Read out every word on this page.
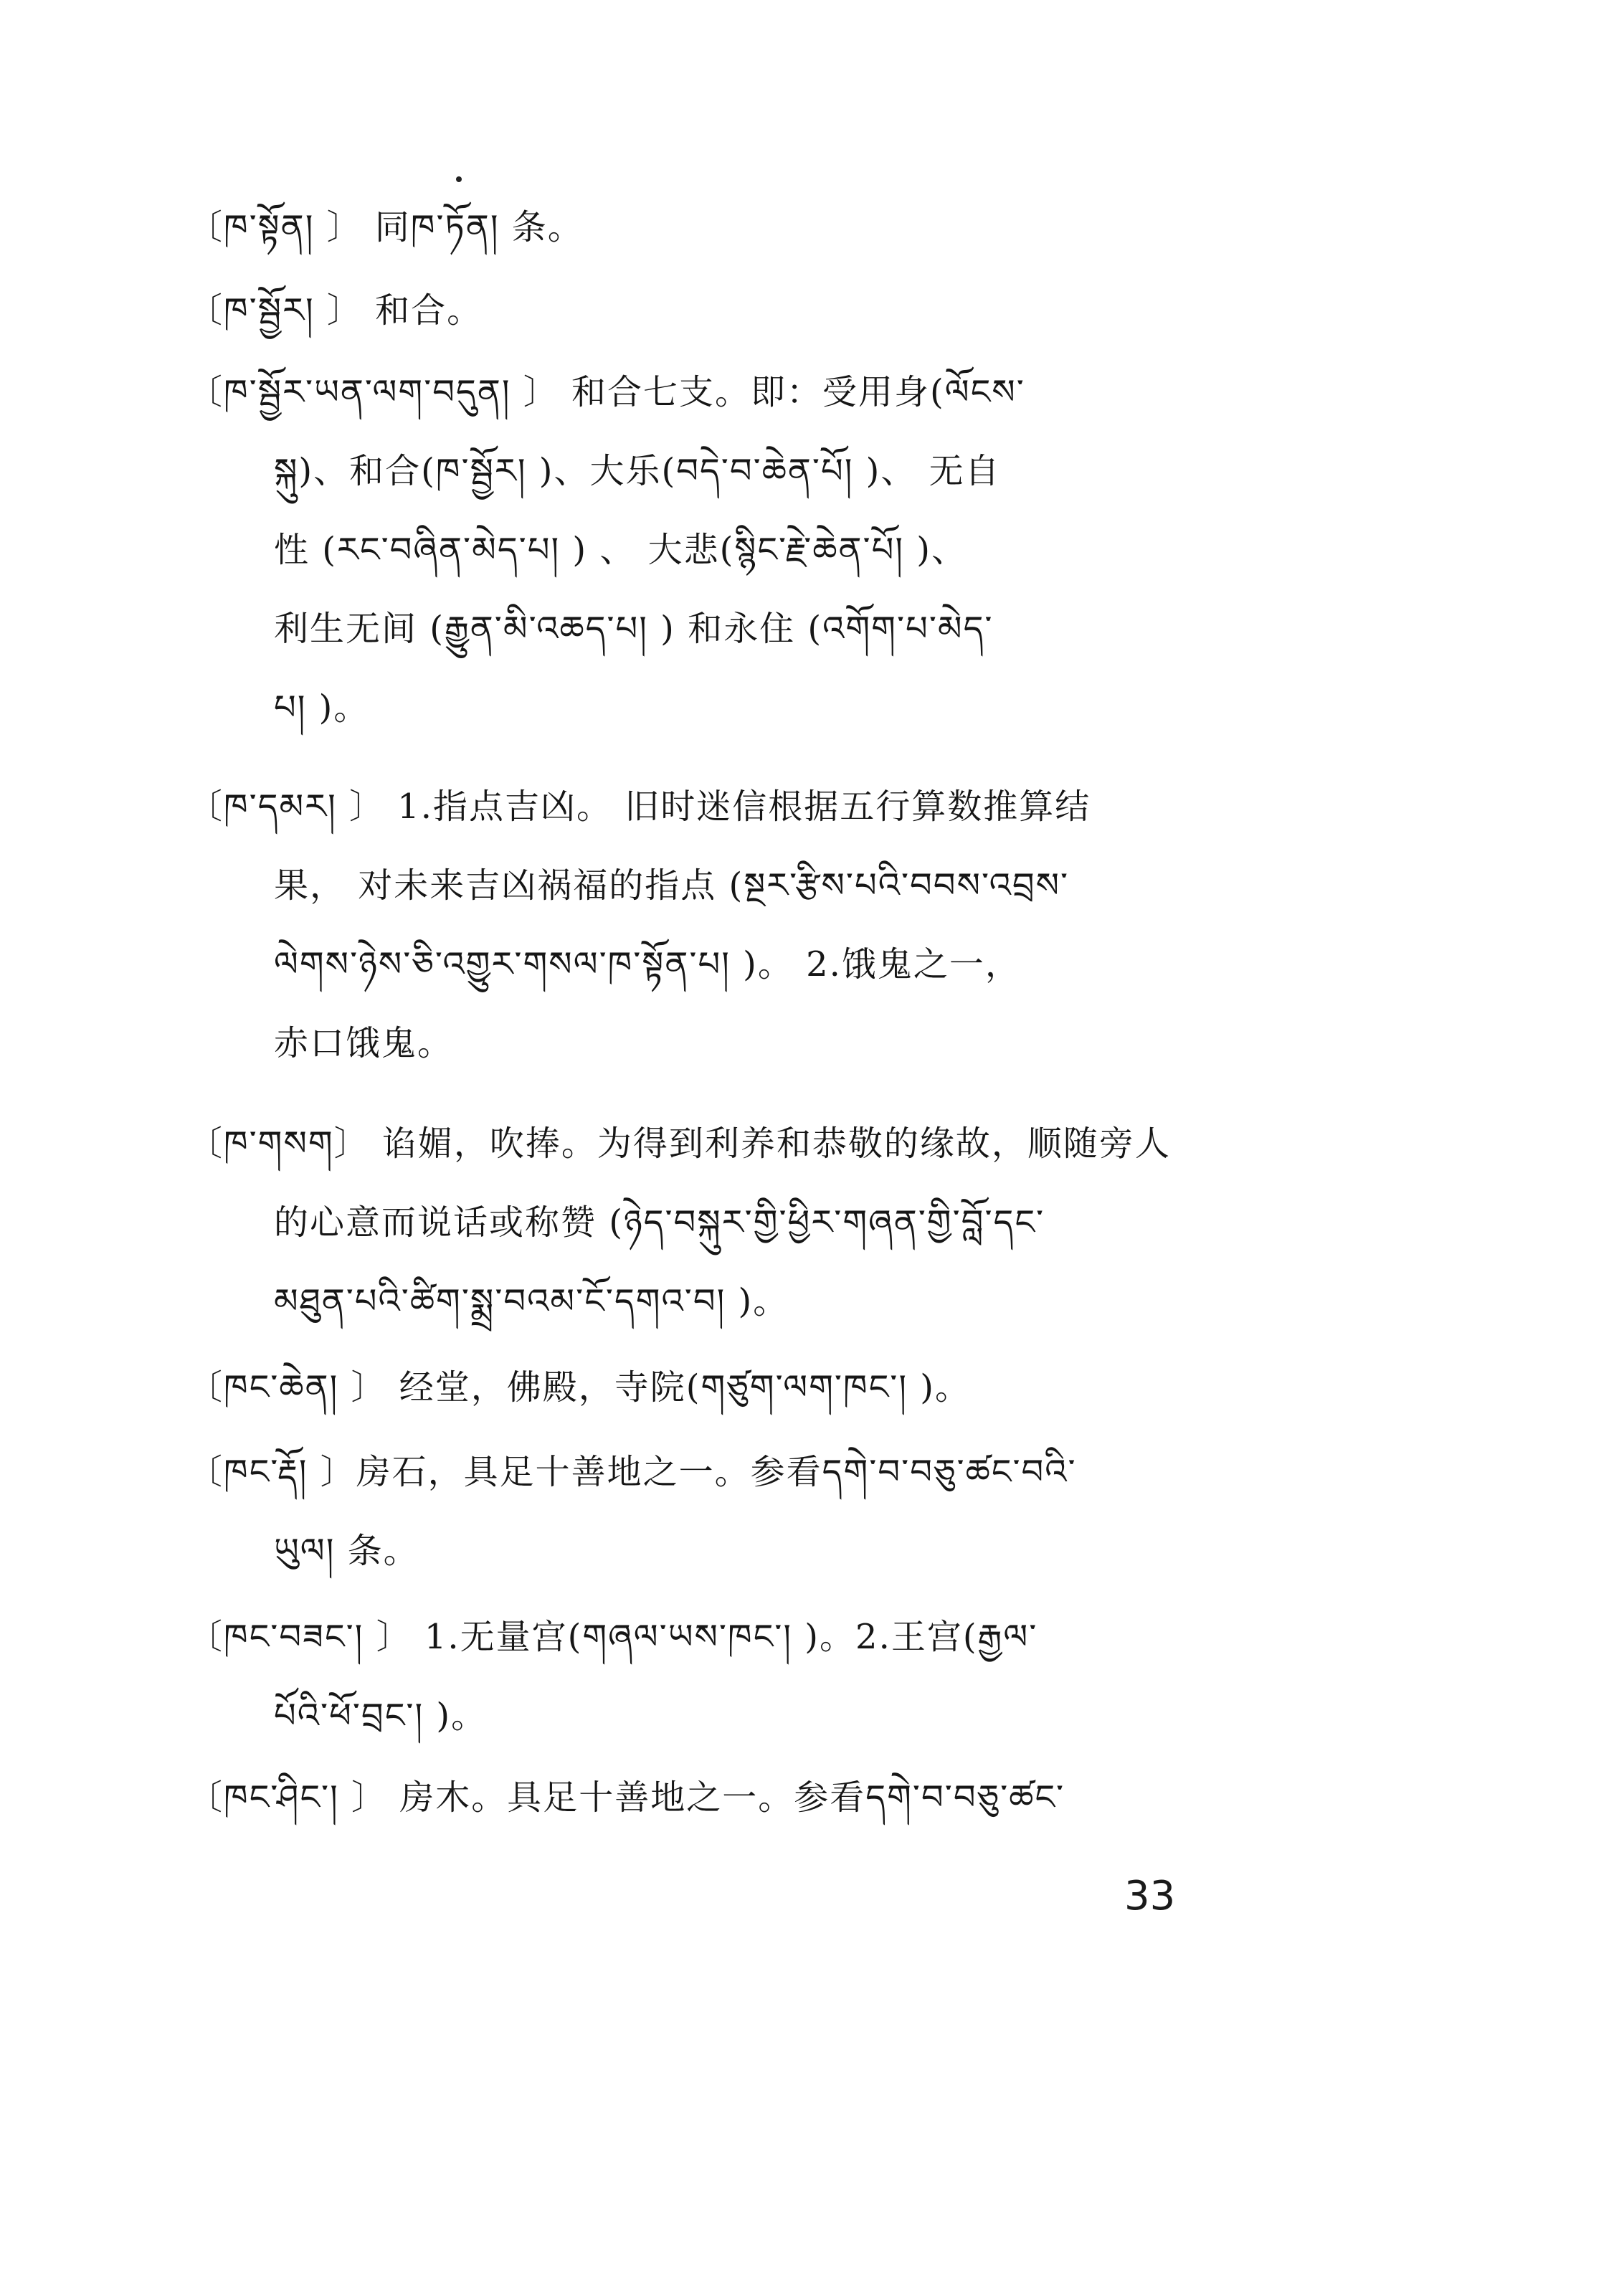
〔ཁ་སྟོན། 〕 同ཁ་ཏོན། 条。
〔ཁ་སྦྱོར། 〕 和合。
〔ཁ་སྦྱོར་ཡན་ལག་བདུན། 〕 和合七支。即：受用身(ལོངས་
སྐུ)、和合(ཁ་སྦྱོར། )、大乐(བདེ་བ་ཆེན་པོ། )、 无自
性 (རང་བཞིན་མེད་པ། ) 、 大悲(སྙིང་རྗེ་ཆེན་པོ། )、
利生无间 (རྒྱུན་མི་འཆད་པ། ) 和永住 (འགོག་པ་མེད་
པ། )。
〔ཁ་དམར། 〕 1.指点吉凶。 旧时迷信根据五行算数推算结
果， 对未来吉凶祸福的指点 (སྔར་རྩིས་པའི་བབས་འབྲས་
ལེགས་ཉེས་ཅི་འགྱུར་གསལ་ཁ་སྟོན་པ། )。 2.饿鬼之一，
赤口饿鬼。
〔ཁ་གསག〕 谄媚，吹捧。为得到利养和恭敬的缘故，顺随旁人
的心意而说话或称赞 (ཉེད་བསྐུར་གྱི་ཕྱིར་གཞན་གྱི་བློ་དང་
མཐུན་པའི་ཚིག་སྨྲ་བའམ་ངོ་དགའ་བ། )。
〔ཁང་ཆེན། 〕 经堂，佛殿，寺院(གཙུག་ལག་ཁང་། )。
〔ཁང་རྡོ། 〕房石，具足十善地之一。参看དགེ་བ་བཅུ་ཚང་བའི་
ཡུལ། 条。
〔ཁང་བཟང་། 〕 1.无量宫(གཞལ་ཡས་ཁང་། )。2.王宫(རྒྱལ་
པོའི་ཕོ་བྲང་། )。
〔ཁང་ཤིང་། 〕 房木。具足十善地之一。参看དགེ་བ་བཅུ་ཚང་
33
